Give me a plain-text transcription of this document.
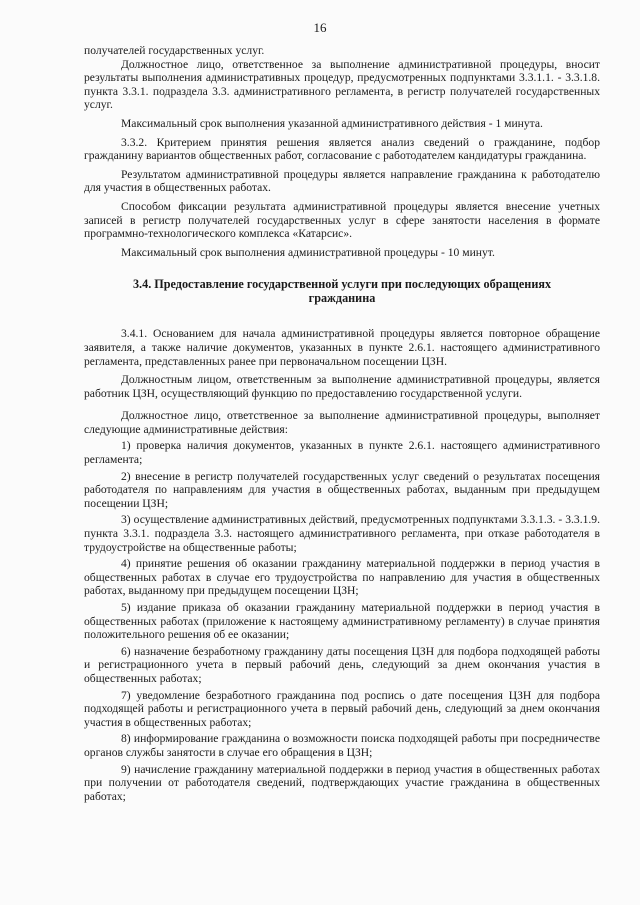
16

получателей государственных услуг.

Должностное лицо, ответственное за выполнение административной процедуры, вносит результаты выполнения административных процедур, предусмотренных подпунктами 3.3.1.1. - 3.3.1.8. пункта 3.3.1. подраздела 3.3. административного регламента, в регистр получателей государственных услуг.

Максимальный срок выполнения указанной административного действия - 1 минута.

3.3.2. Критерием принятия решения является анализ сведений о гражданине, подбор гражданину вариантов общественных работ, согласование с работодателем кандидатуры гражданина.

Результатом административной процедуры является направление гражданина к работодателю для участия в общественных работах.

Способом фиксации результата административной процедуры является внесение учетных записей в регистр получателей государственных услуг в сфере занятости населения в формате программно-технологического комплекса «Катарсис».

Максимальный срок выполнения административной процедуры - 10 минут.

3.4. Предоставление государственной услуги при последующих обращениях гражданина

3.4.1. Основанием для начала административной процедуры является повторное обращение заявителя, а также наличие документов, указанных в пункте 2.6.1. настоящего административного регламента, представленных ранее при первоначальном посещении ЦЗН.

Должностным лицом, ответственным за выполнение административной процедуры, является работник ЦЗН, осуществляющий функцию по предоставлению государственной услуги.

Должностное лицо, ответственное за выполнение административной процедуры, выполняет следующие административные действия:

1) проверка наличия документов, указанных в пункте 2.6.1. настоящего административного регламента;

2) внесение в регистр получателей государственных услуг сведений о результатах посещения работодателя по направлениям для участия в общественных работах, выданным при предыдущем посещении ЦЗН;

3) осуществление административных действий, предусмотренных подпунктами 3.3.1.3. - 3.3.1.9. пункта 3.3.1. подраздела 3.3. настоящего административного регламента, при отказе работодателя в трудоустройстве на общественные работы;

4) принятие решения об оказании гражданину материальной поддержки в период участия в общественных работах в случае его трудоустройства по направлению для участия в общественных работах, выданному при предыдущем посещении ЦЗН;

5) издание приказа об оказании гражданину материальной поддержки в период участия в общественных работах (приложение к настоящему административному регламенту) в случае принятия положительного решения об ее оказании;

6) назначение безработному гражданину даты посещения ЦЗН для подбора подходящей работы и регистрационного учета в первый рабочий день, следующий за днем окончания участия в общественных работах;

7) уведомление безработного гражданина под роспись о дате посещения ЦЗН для подбора подходящей работы и регистрационного учета в первый рабочий день, следующий за днем окончания участия в общественных работах;

8) информирование гражданина о возможности поиска подходящей работы при посредничестве органов службы занятости в случае его обращения в ЦЗН;

9) начисление гражданину материальной поддержки в период участия в общественных работах при получении от работодателя сведений, подтверждающих участие гражданина в общественных работах;
